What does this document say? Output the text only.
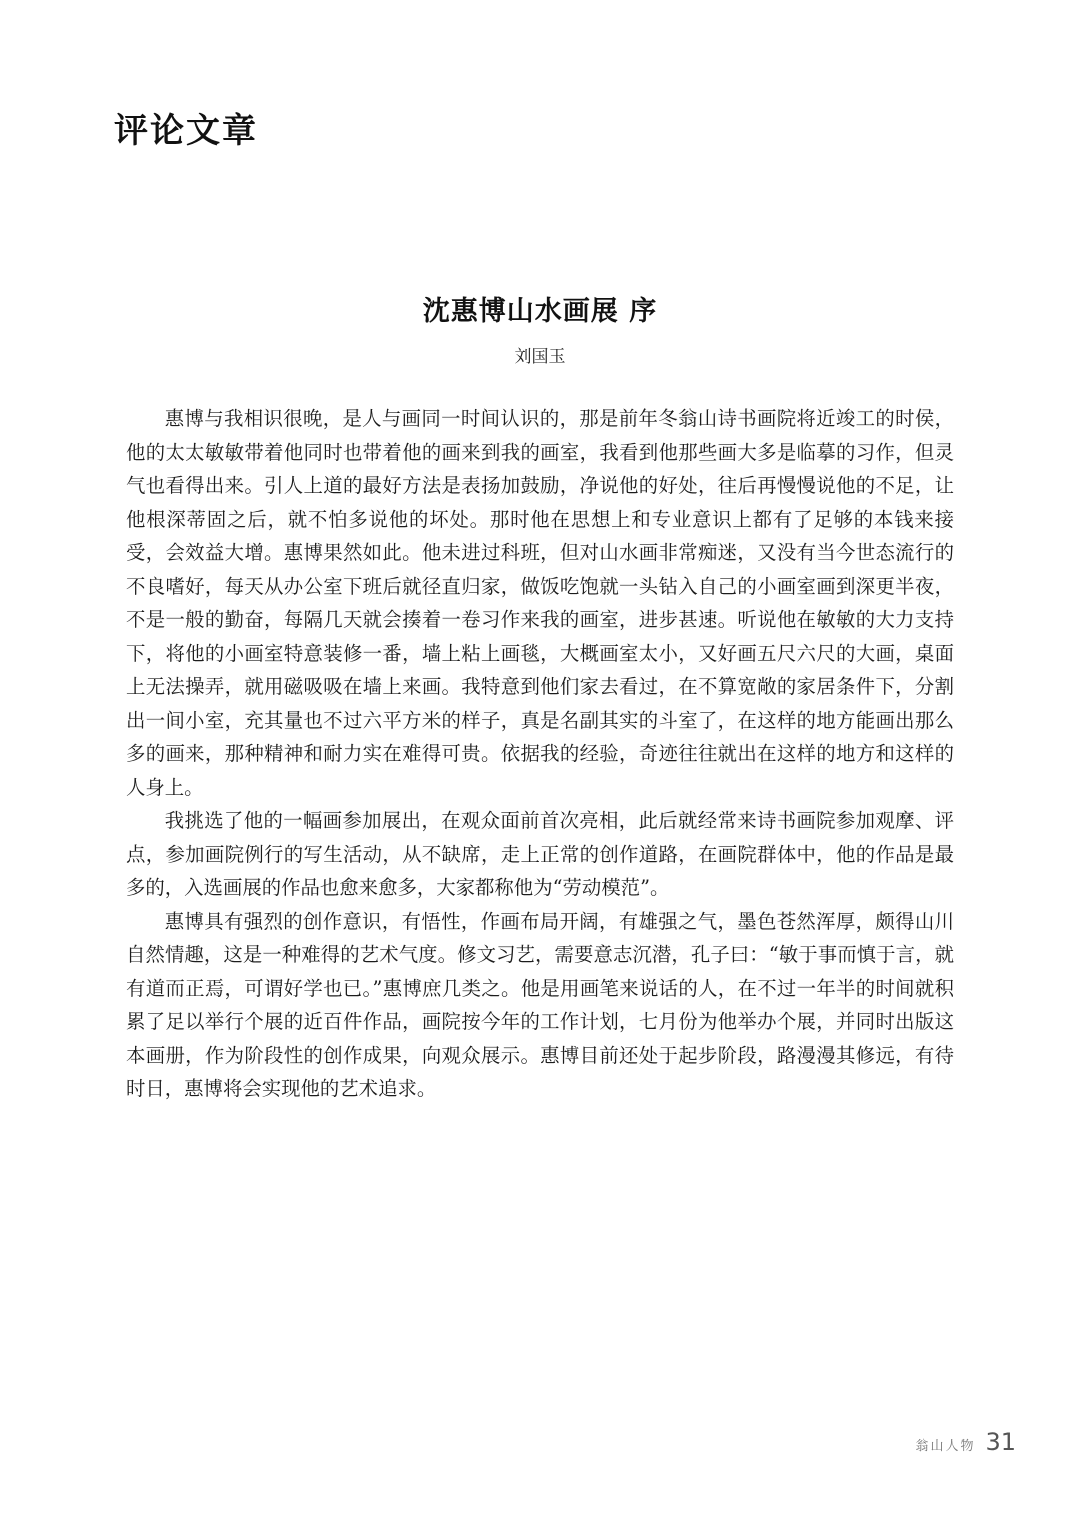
评论文章
沈惠博山水画展 序
刘国玉

惠博与我相识很晚，是人与画同一时间认识的，那是前年冬翁山诗书画院将近竣工的时侯，他的太太敏敏带着他同时也带着他的画来到我的画室，我看到他那些画大多是临摹的习作，但灵气也看得出来。引人上道的最好方法是表扬加鼓励，净说他的好处，往后再慢慢说他的不足，让他根深蒂固之后，就不怕多说他的坏处。那时他在思想上和专业意识上都有了足够的本钱来接受，会效益大增。惠博果然如此。他未进过科班，但对山水画非常痴迷，又没有当今世态流行的不良嗜好，每天从办公室下班后就径直归家，做饭吃饱就一头钻入自己的小画室画到深更半夜，不是一般的勤奋，每隔几天就会揍着一卷习作来我的画室，进步甚速。听说他在敏敏的大力支持下，将他的小画室特意装修一番，墙上粘上画毯，大概画室太小，又好画五尺六尺的大画，桌面上无法操弄，就用磁吸吸在墙上来画。我特意到他们家去看过，在不算宽敞的家居条件下，分割出一间小室，充其量也不过六平方米的样子，真是名副其实的斗室了，在这样的地方能画出那么多的画来，那种精神和耐力实在难得可贵。依据我的经验，奇迹往往就出在这样的地方和这样的人身上。

我挑选了他的一幅画参加展出，在观众面前首次亮相，此后就经常来诗书画院参加观摩、评点，参加画院例行的写生活动，从不缺席，走上正常的创作道路，在画院群体中，他的作品是最多的，入选画展的作品也愈来愈多，大家都称他为“劳动模范”。

惠博具有强烈的创作意识，有悟性，作画布局开阔，有雄强之气，墨色苍然浑厚，颇得山川自然情趣，这是一种难得的艺术气度。修文习艺，需要意志沉潜，孔子曰：“敏于事而慎于言，就有道而正焉，可谓好学也已。”惠博庶几类之。他是用画笔来说话的人，在不过一年半的时间就积累了足以举行个展的近百件作品，画院按今年的工作计划，七月份为他举办个展，并同时出版这本画册，作为阶段性的创作成果，向观众展示。惠博目前还处于起步阶段，路漫漫其修远，有待时日，惠博将会实现他的艺术追求。

翁山人物 31
